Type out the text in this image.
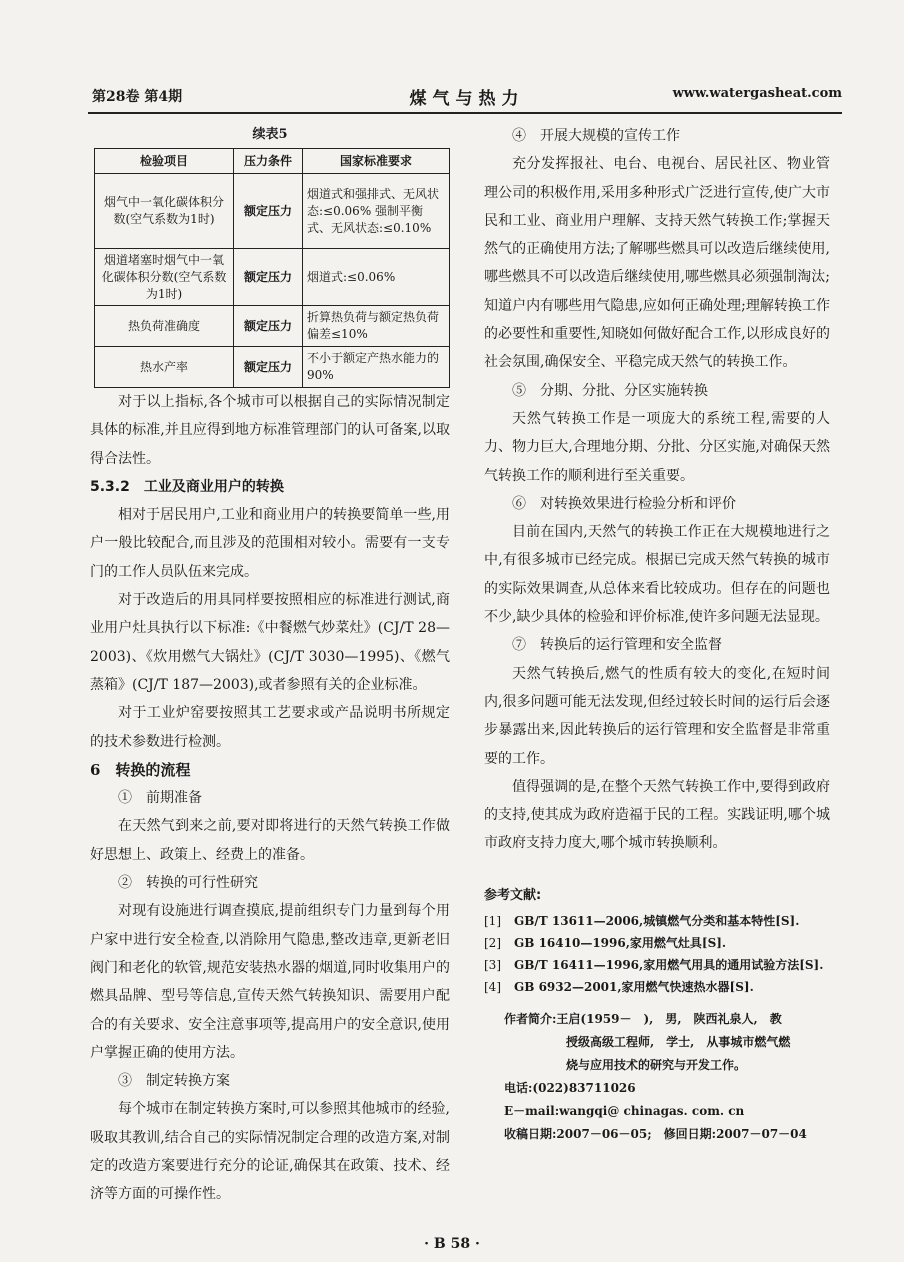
第28卷 第4期	煤气与热力	www.watergasheat.com
续表5
检验项目	压力条件	国家标准要求
烟气中一氧化碳体积分数(空气系数为1时)	额定压力	烟道式和强排式、无风状态:≤0.06% 强制平衡式、无风状态:≤0.10%
烟道堵塞时烟气中一氧化碳体积分数(空气系数为1时)	额定压力	烟道式:≤0.06%
热负荷准确度	额定压力	折算热负荷与额定热负荷偏差≤10%
热水产率	额定压力	不小于额定产热水能力的90%

对于以上指标,各个城市可以根据自己的实际情况制定具体的标准,并且应得到地方标准管理部门的认可备案,以取得合法性。

5.3.2　工业及商业用户的转换

相对于居民用户,工业和商业用户的转换要简单一些,用户一般比较配合,而且涉及的范围相对较小。需要有一支专门的工作人员队伍来完成。

对于改造后的用具同样要按照相应的标准进行测试,商业用户灶具执行以下标准:《中餐燃气炒菜灶》(CJ/T 28—2003)、《炊用燃气大锅灶》(CJ/T 3030—1995)、《燃气蒸箱》(CJ/T 187—2003),或者参照有关的企业标准。

对于工业炉窑要按照其工艺要求或产品说明书所规定的技术参数进行检测。

6　转换的流程

①　前期准备

在天然气到来之前,要对即将进行的天然气转换工作做好思想上、政策上、经费上的准备。

②　转换的可行性研究

对现有设施进行调查摸底,提前组织专门力量到每个用户家中进行安全检查,以消除用气隐患,整改违章,更新老旧阀门和老化的软管,规范安装热水器的烟道,同时收集用户的燃具品牌、型号等信息,宣传天然气转换知识、需要用户配合的有关要求、安全注意事项等,提高用户的安全意识,使用户掌握正确的使用方法。

③　制定转换方案

每个城市在制定转换方案时,可以参照其他城市的经验,吸取其教训,结合自己的实际情况制定合理的改造方案,对制定的改造方案要进行充分的论证,确保其在政策、技术、经济等方面的可操作性。

④　开展大规模的宣传工作

充分发挥报社、电台、电视台、居民社区、物业管理公司的积极作用,采用多种形式广泛进行宣传,使广大市民和工业、商业用户理解、支持天然气转换工作;掌握天然气的正确使用方法;了解哪些燃具可以改造后继续使用,哪些燃具不可以改造后继续使用,哪些燃具必须强制淘汰;知道户内有哪些用气隐患,应如何正确处理;理解转换工作的必要性和重要性,知晓如何做好配合工作,以形成良好的社会氛围,确保安全、平稳完成天然气的转换工作。

⑤　分期、分批、分区实施转换

天然气转换工作是一项庞大的系统工程,需要的人力、物力巨大,合理地分期、分批、分区实施,对确保天然气转换工作的顺利进行至关重要。

⑥　对转换效果进行检验分析和评价

目前在国内,天然气的转换工作正在大规模地进行之中,有很多城市已经完成。根据已完成天然气转换的城市的实际效果调查,从总体来看比较成功。但存在的问题也不少,缺少具体的检验和评价标准,使许多问题无法显现。

⑦　转换后的运行管理和安全监督

天然气转换后,燃气的性质有较大的变化,在短时间内,很多问题可能无法发现,但经过较长时间的运行后会逐步暴露出来,因此转换后的运行管理和安全监督是非常重要的工作。

值得强调的是,在整个天然气转换工作中,要得到政府的支持,使其成为政府造福于民的工程。实践证明,哪个城市政府支持力度大,哪个城市转换顺利。

参考文献:
[1]	GB/T 13611—2006,城镇燃气分类和基本特性[S].
[2]	GB 16410—1996,家用燃气灶具[S].
[3]	GB/T 16411—1996,家用燃气用具的通用试验方法[S].
[4]	GB 6932—2001,家用燃气快速热水器[S].
作者简介:王启(1959－　),　男,　陕西礼泉人,　教
授级高级工程师,　学士,　从事城市燃气燃
烧与应用技术的研究与开发工作。
电话:(022)83711026
E－mail:wangqi@ chinagas. com. cn
收稿日期:2007－06－05;　修回日期:2007－07－04
· B 58 ·
